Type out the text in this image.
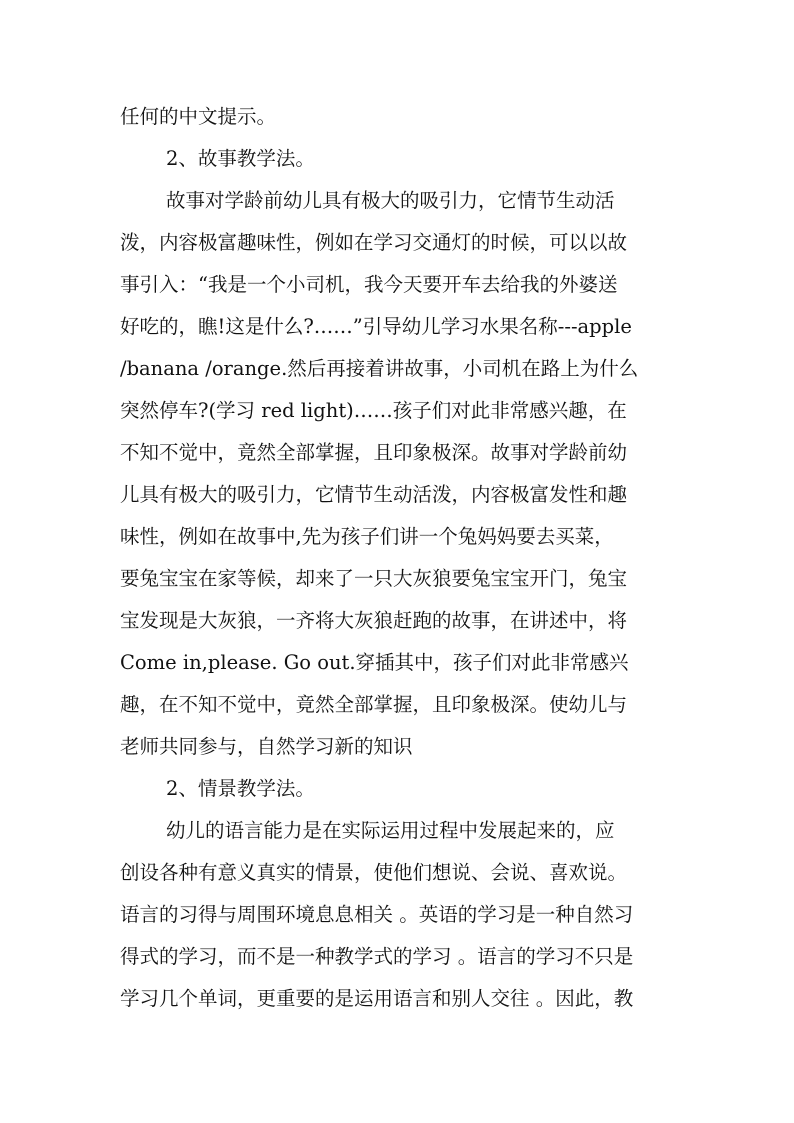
任何的中文提示。
2、故事教学法。
故事对学龄前幼儿具有极大的吸引力，它情节生动活
泼，内容极富趣味性，例如在学习交通灯的时候，可以以故
事引入：“我是一个小司机，我今天要开车去给我的外婆送
好吃的，瞧!这是什么?……”引导幼儿学习水果名称---apple
/banana /orange.然后再接着讲故事，小司机在路上为什么
突然停车?(学习 red light)……孩子们对此非常感兴趣，在
不知不觉中，竟然全部掌握，且印象极深。故事对学龄前幼
儿具有极大的吸引力，它情节生动活泼，内容极富发性和趣
味性，例如在故事中,先为孩子们讲一个兔妈妈要去买菜，
要兔宝宝在家等候，却来了一只大灰狼要兔宝宝开门，兔宝
宝发现是大灰狼，一齐将大灰狼赶跑的故事，在讲述中，将
Come in,please. Go out.穿插其中，孩子们对此非常感兴
趣，在不知不觉中，竟然全部掌握，且印象极深。使幼儿与
老师共同参与，自然学习新的知识
2、情景教学法。
幼儿的语言能力是在实际运用过程中发展起来的，应
创设各种有意义真实的情景，使他们想说、会说、喜欢说。
语言的习得与周围环境息息相关 。英语的学习是一种自然习
得式的学习，而不是一种教学式的学习 。语言的学习不只是
学习几个单词，更重要的是运用语言和别人交往 。因此，教
